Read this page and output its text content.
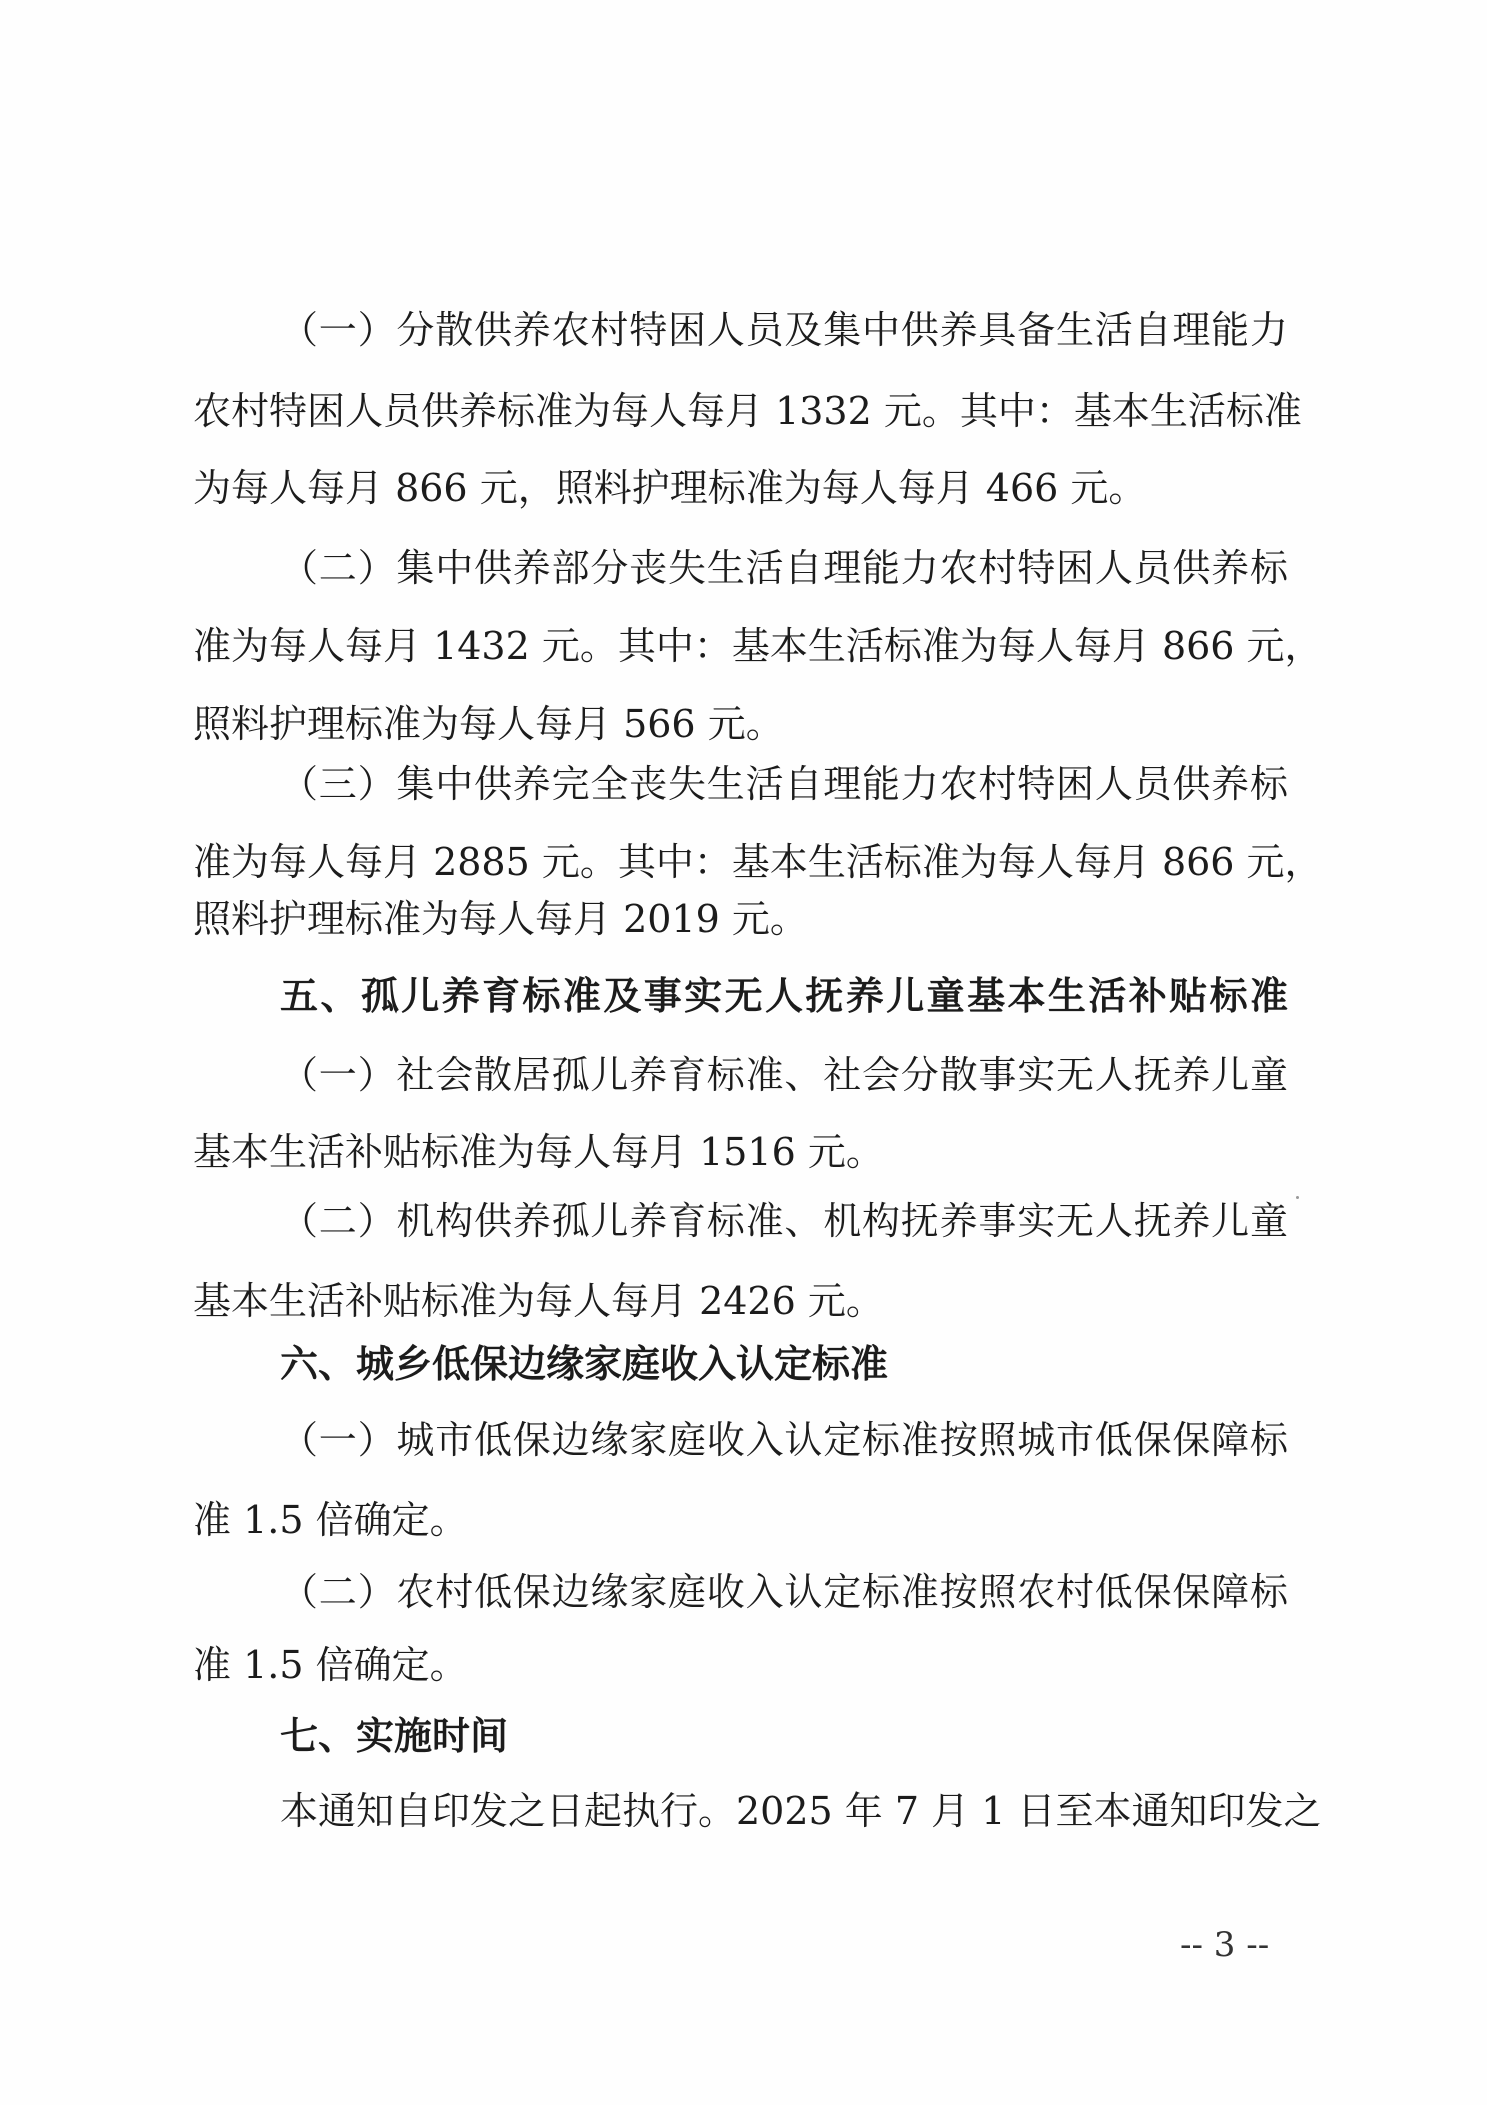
（一）分散供养农村特困人员及集中供养具备生活自理能力
农村特困人员供养标准为每人每月 1332 元。其中：基本生活标准
为每人每月 866 元，照料护理标准为每人每月 466 元。
（二）集中供养部分丧失生活自理能力农村特困人员供养标
准为每人每月 1432 元。其中：基本生活标准为每人每月 866 元，
照料护理标准为每人每月 566 元。
（三）集中供养完全丧失生活自理能力农村特困人员供养标
准为每人每月 2885 元。其中：基本生活标准为每人每月 866 元，
照料护理标准为每人每月 2019 元。
五、孤儿养育标准及事实无人抚养儿童基本生活补贴标准
（一）社会散居孤儿养育标准、社会分散事实无人抚养儿童
基本生活补贴标准为每人每月 1516 元。
（二）机构供养孤儿养育标准、机构抚养事实无人抚养儿童
基本生活补贴标准为每人每月 2426 元。
六、城乡低保边缘家庭收入认定标准
（一）城市低保边缘家庭收入认定标准按照城市低保保障标
准 1.5 倍确定。
（二）农村低保边缘家庭收入认定标准按照农村低保保障标
准 1.5 倍确定。
七、实施时间
本通知自印发之日起执行。2025 年 7 月 1 日至本通知印发之
-- 3 --
